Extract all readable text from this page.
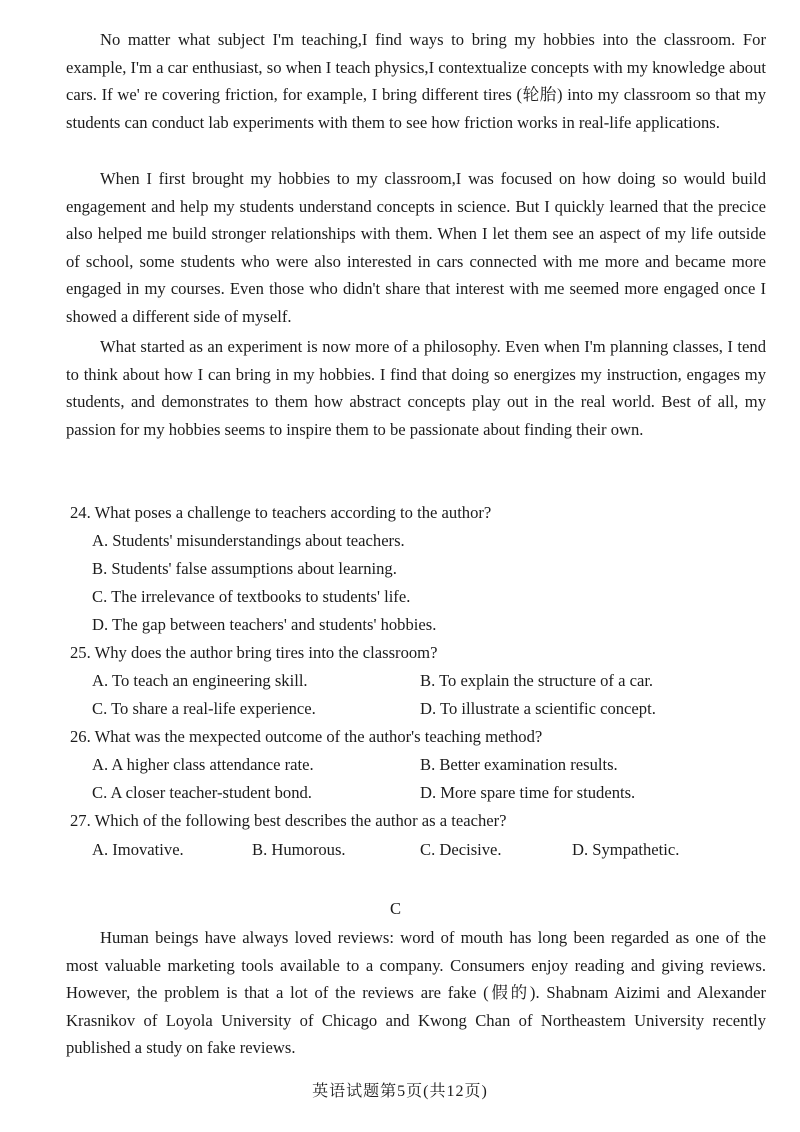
No matter what subject I'm teaching,I find ways to bring my hobbies into the classroom. For example, I'm a car enthusiast, so when I teach physics,I contextualize concepts with my knowledge about cars. If we' re covering friction, for example, I bring different tires (轮胎) into my classroom so that my students can conduct lab experiments with them to see how friction works in real-life applications.

When I first brought my hobbies to my classroom,I was focused on how doing so would build engagement and help my students understand concepts in science. But I quickly learned that the precice also helped me build stronger relationships with them. When I let them see an aspect of my life outside of school, some students who were also interested in cars connected with me more and became more engaged in my courses. Even those who didn't share that interest with me seemed more engaged once I showed a different side of myself.

What started as an experiment is now more of a philosophy. Even when I'm planning classes, I tend to think about how I can bring in my hobbies. I find that doing so energizes my instruction, engages my students, and demonstrates to them how abstract concepts play out in the real world. Best of all, my passion for my hobbies seems to inspire them to be passionate about finding their own.

24. What poses a challenge to teachers according to the author?

A. Students' misunderstandings about teachers.

B. Students' false assumptions about learning.

C. The irrelevance of textbooks to students' life.

D. The gap between teachers' and students' hobbies.

25. Why does the author bring tires into the classroom?

A. To teach an engineering skill.	B. To explain the structure of a car.

C. To share a real-life experience.	D. To illustrate a scientific concept.

26. What was the mexpected outcome of the author's teaching method?

A. A higher class attendance rate.	B. Better examination results.

C. A closer teacher-student bond.	D. More spare time for students.

27. Which of the following best describes the author as a teacher?

A. Imovative.	B. Humorous.	C. Decisive.	D. Sympathetic.

C

Human beings have always loved reviews: word of mouth has long been regarded as one of the most valuable marketing tools available to a company. Consumers enjoy reading and giving reviews. However, the problem is that a lot of the reviews are fake (假的). Shabnam Aizimi and Alexander Krasnikov of Loyola University of Chicago and Kwong Chan of Northeastem University recently published a study on fake reviews.

英语试题第5页(共12页)
